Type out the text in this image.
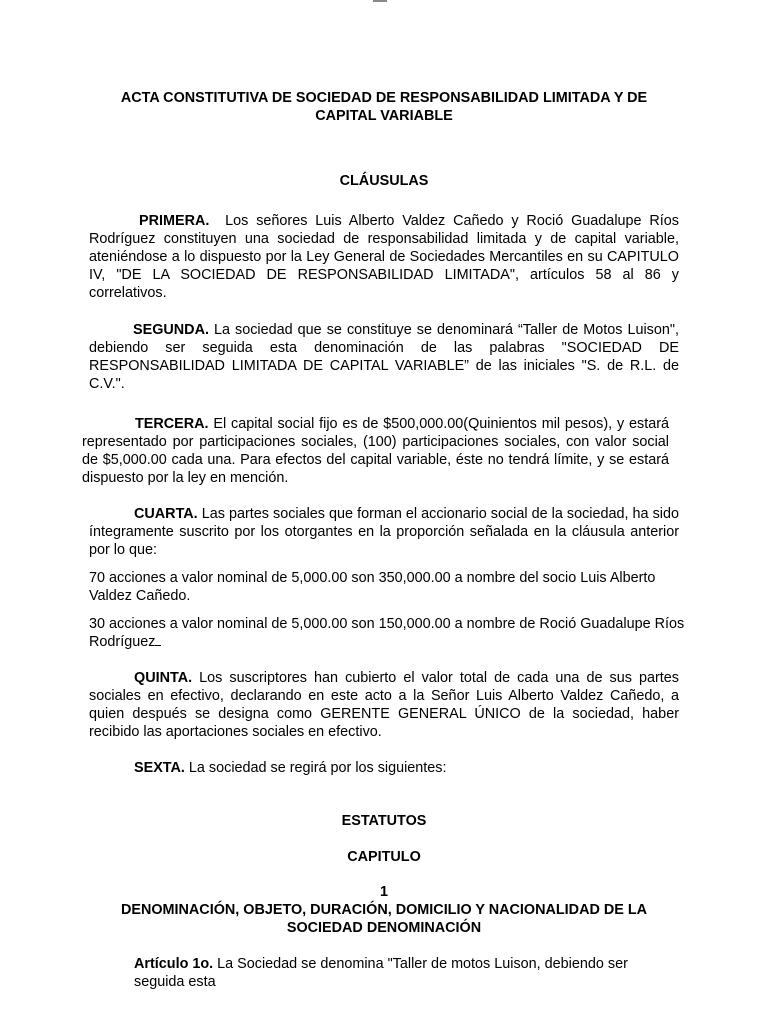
ACTA CONSTITUTIVA DE SOCIEDAD DE RESPONSABILIDAD LIMITADA Y DE CAPITAL VARIABLE
CLÁUSULAS

PRIMERA. Los señores Luis Alberto Valdez Cañedo y Roció Guadalupe Ríos Rodríguez constituyen una sociedad de responsabilidad limitada y de capital variable, ateniéndose a lo dispuesto por la Ley General de Sociedades Mercantiles en su CAPITULO IV, "DE LA SOCIEDAD DE RESPONSABILIDAD LIMITADA", artículos 58 al 86 y correlativos.

SEGUNDA. La sociedad que se constituye se denominará “Taller de Motos Luison", debiendo ser seguida esta denominación de las palabras "SOCIEDAD DE RESPONSABILIDAD LIMITADA DE CAPITAL VARIABLE” de las iniciales "S. de R.L. de C.V.".

TERCERA. El capital social fijo es de $500,000.00(Quinientos mil pesos), y estará representado por participaciones sociales, (100) participaciones sociales, con valor social de $5,000.00 cada una. Para efectos del capital variable, éste no tendrá límite, y se estará dispuesto por la ley en mención.

CUARTA. Las partes sociales que forman el accionario social de la sociedad, ha sido íntegramente suscrito por los otorgantes en la proporción señalada en la cláusula anterior por lo que:

70 acciones a valor nominal de 5,000.00 son 350,000.00 a nombre del socio Luis Alberto Valdez Cañedo.
30 acciones a valor nominal de 5,000.00 son 150,000.00 a nombre de Roció Guadalupe Ríos Rodríguez

QUINTA. Los suscriptores han cubierto el valor total de cada una de sus partes sociales en efectivo, declarando en este acto a la Señor Luis Alberto Valdez Cañedo, a quien después se designa como GERENTE GENERAL ÚNICO de la sociedad, haber recibido las aportaciones sociales en efectivo.

SEXTA. La sociedad se regirá por los siguientes:

ESTATUTOS
CAPITULO
1
DENOMINACIÓN, OBJETO, DURACIÓN, DOMICILIO Y NACIONALIDAD DE LA SOCIEDAD DENOMINACIÓN
Artículo 1o. La Sociedad se denomina "Taller de motos Luison, debiendo ser seguida esta
